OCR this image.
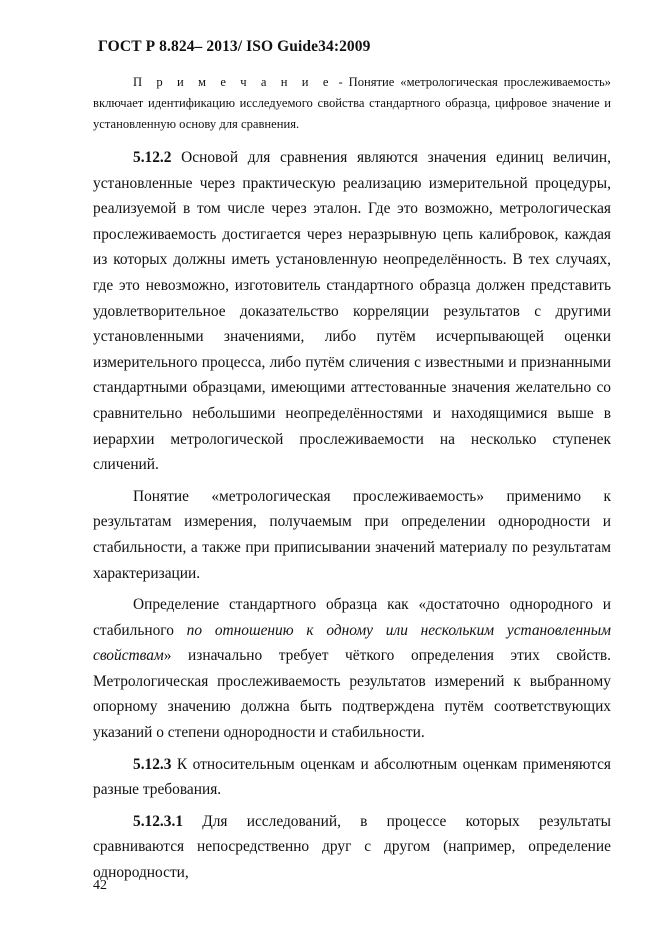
ГОСТ Р 8.824– 2013/ ISO Guide34:2009

П р и м е ч а н и е - Понятие «метрологическая прослеживаемость» включает идентификацию исследуемого свойства стандартного образца, цифровое значение и установленную основу для сравнения.

5.12.2 Основой для сравнения являются значения единиц величин, установленные через практическую реализацию измерительной процедуры, реализуемой в том числе через эталон. Где это возможно, метрологическая прослеживаемость достигается через неразрывную цепь калибровок, каждая из которых должны иметь установленную неопределённость. В тех случаях, где это невозможно, изготовитель стандартного образца должен представить удовлетворительное доказательство корреляции результатов с другими установленными значениями, либо путём исчерпывающей оценки измерительного процесса, либо путём сличения с известными и признанными стандартными образцами, имеющими аттестованные значения желательно со сравнительно небольшими неопределённостями и находящимися выше в иерархии метрологической прослеживаемости на несколько ступенек сличений.

Понятие «метрологическая прослеживаемость» применимо к результатам измерения, получаемым при определении однородности и стабильности, а также при приписывании значений материалу по результатам характеризации.

Определение стандартного образца как «достаточно однородного и стабильного по отношению к одному или нескольким установленным свойствам» изначально требует чёткого определения этих свойств. Метрологическая прослеживаемость результатов измерений к выбранному опорному значению должна быть подтверждена путём соответствующих указаний о степени однородности и стабильности.

5.12.3 К относительным оценкам и абсолютным оценкам применяются разные требования.

5.12.3.1 Для исследований, в процессе которых результаты сравниваются непосредственно друг с другом (например, определение однородности,

42
